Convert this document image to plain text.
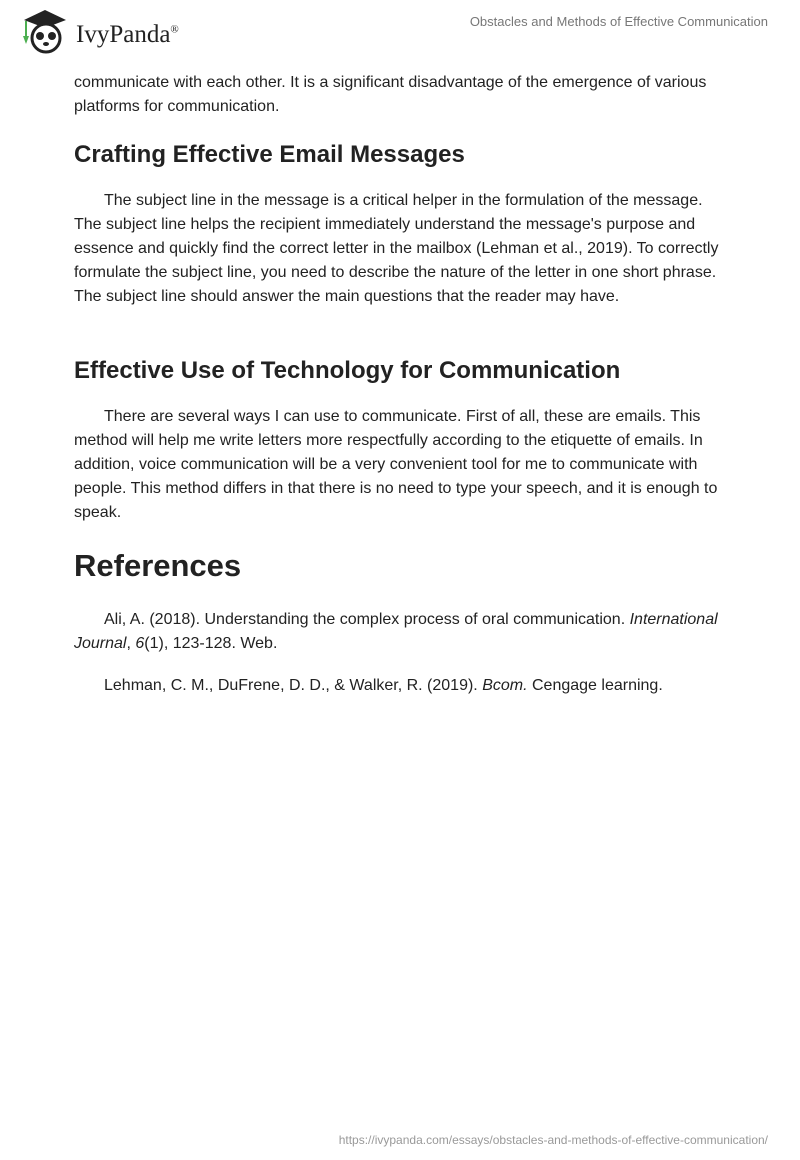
IvyPanda®
Obstacles and Methods of Effective Communication

communicate with each other. It is a significant disadvantage of the emergence of various platforms for communication.

Crafting Effective Email Messages

The subject line in the message is a critical helper in the formulation of the message. The subject line helps the recipient immediately understand the message's purpose and essence and quickly find the correct letter in the mailbox (Lehman et al., 2019). To correctly formulate the subject line, you need to describe the nature of the letter in one short phrase. The subject line should answer the main questions that the reader may have.

Effective Use of Technology for Communication

There are several ways I can use to communicate. First of all, these are emails. This method will help me write letters more respectfully according to the etiquette of emails. In addition, voice communication will be a very convenient tool for me to communicate with people. This method differs in that there is no need to type your speech, and it is enough to speak.

References

Ali, A. (2018). Understanding the complex process of oral communication. International Journal, 6(1), 123-128. Web.

Lehman, C. M., DuFrene, D. D., & Walker, R. (2019). Bcom. Cengage learning.

https://ivypanda.com/essays/obstacles-and-methods-of-effective-communication/
